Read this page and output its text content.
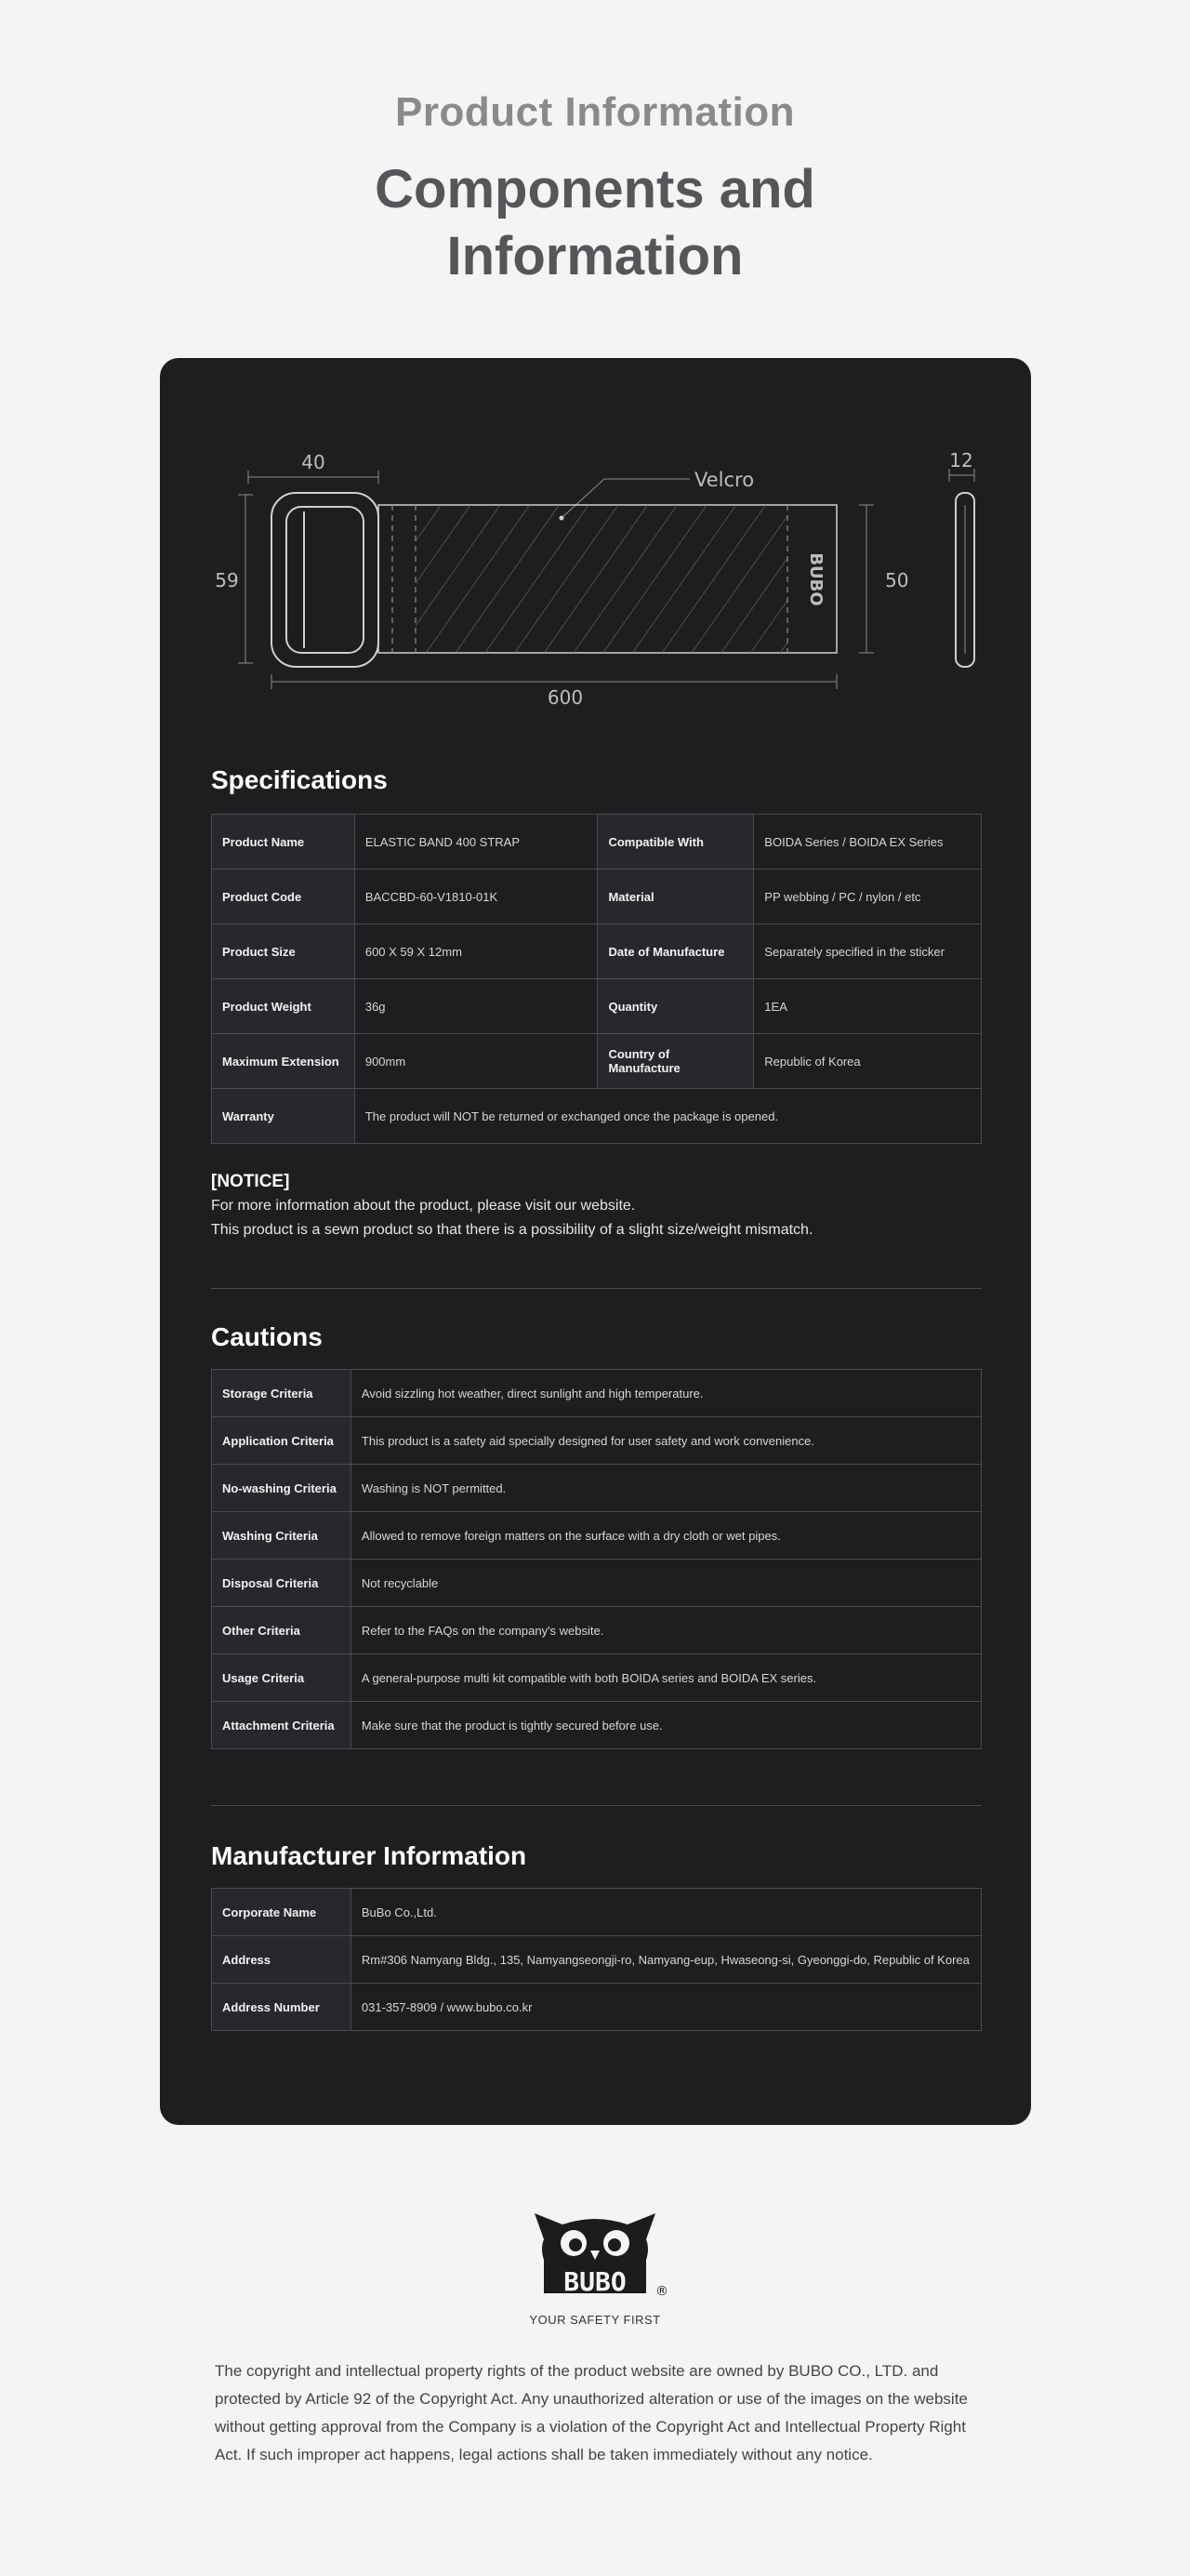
Product Information

Components and Information

40
59
600
50
12
Velcro
BUBO
Specifications
Product Name	ELASTIC BAND 400 STRAP	Compatible With	BOIDA Series / BOIDA EX Series
Product Code	BACCBD-60-V1810-01K	Material	PP webbing / PC / nylon / etc
Product Size	600 X 59 X 12mm	Date of Manufacture	Separately specified in the sticker
Product Weight	36g	Quantity	1EA
Maximum Extension	900mm	Country of Manufacture	Republic of Korea
Warranty	The product will NOT be returned or exchanged once the package is opened.		
[NOTICE]
For more information about the product, please visit our website.
This product is a sewn product so that there is a possibility of a slight size/weight mismatch.
Cautions
Storage Criteria	Avoid sizzling hot weather, direct sunlight and high temperature.
Application Criteria	This product is a safety aid specially designed for user safety and work convenience.
No-washing Criteria	Washing is NOT permitted.
Washing Criteria	Allowed to remove foreign matters on the surface with a dry cloth or wet pipes.
Disposal Criteria	Not recyclable
Other Criteria	Refer to the FAQs on the company's website.
Usage Criteria	A general-purpose multi kit compatible with both BOIDA series and BOIDA EX series.
Attachment Criteria	Make sure that the product is tightly secured before use.
Manufacturer Information
Corporate Name	BuBo Co.,Ltd.
Address	Rm#306 Namyang Bldg., 135, Namyangseongji-ro, Namyang-eup, Hwaseong-si, Gyeonggi-do, Republic of Korea
Address Number	031-357-8909 / www.bubo.co.kr
BUBO ®
YOUR SAFETY FIRST

The copyright and intellectual property rights of the product website are owned by BUBO CO., LTD. and protected by Article 92 of the Copyright Act. Any unauthorized alteration or use of the images on the website without getting approval from the Company is a violation of the Copyright Act and Intellectual Property Right Act. If such improper act happens, legal actions shall be taken immediately without any notice.
